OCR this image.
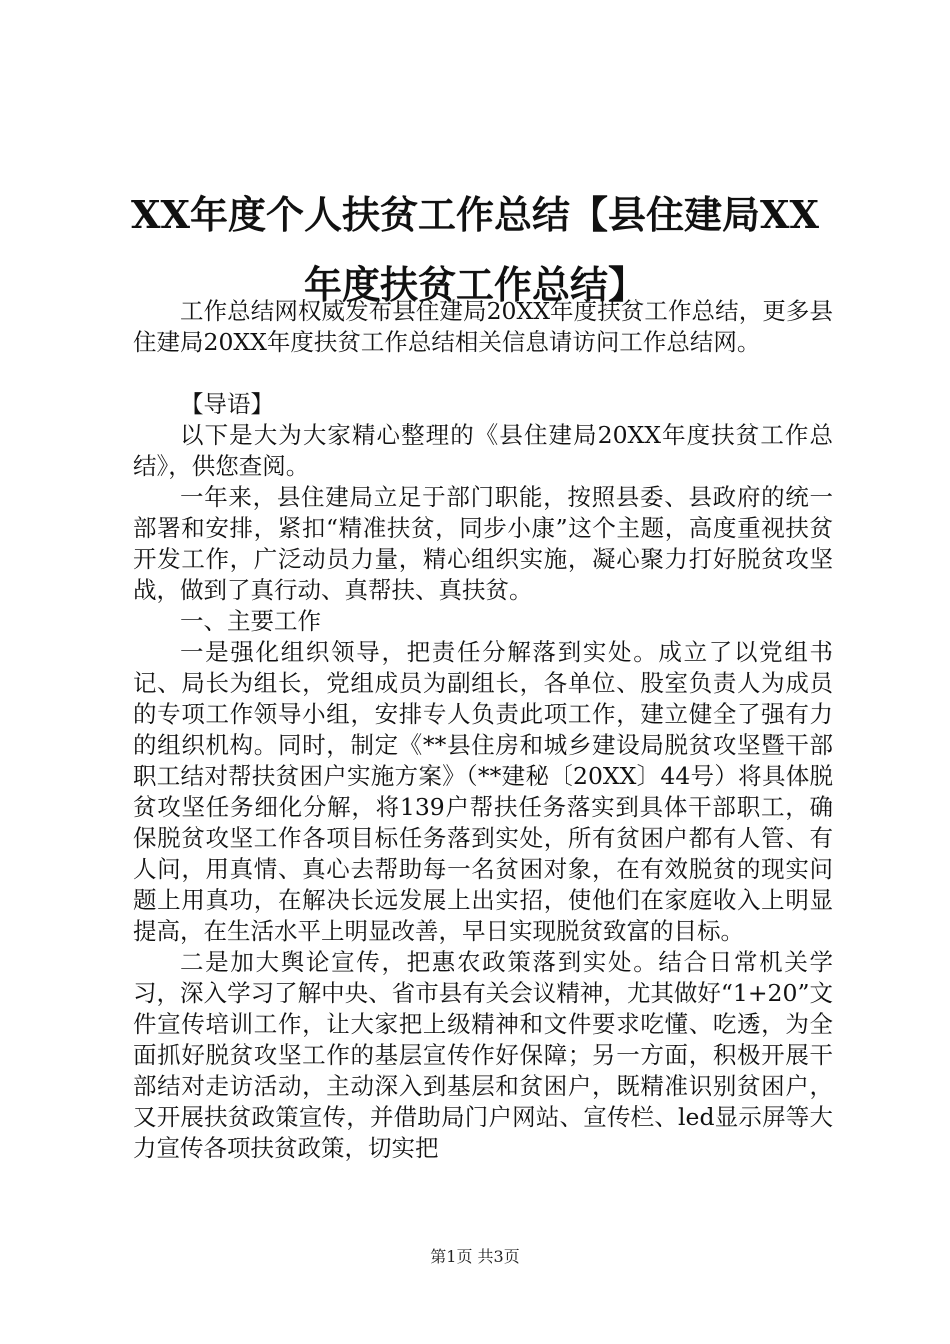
XX年度个人扶贫工作总结【县住建局XX年度扶贫工作总结】

工作总结网权威发布县住建局20XX年度扶贫工作总结，更多县住建局20XX年度扶贫工作总结相关信息请访问工作总结网。

【导语】

以下是大为大家精心整理的《县住建局20XX年度扶贫工作总结》，供您查阅。

一年来，县住建局立足于部门职能，按照县委、县政府的统一部署和安排，紧扣“精准扶贫，同步小康”这个主题，高度重视扶贫开发工作，广泛动员力量，精心组织实施，凝心聚力打好脱贫攻坚战，做到了真行动、真帮扶、真扶贫。

一、主要工作

一是强化组织领导，把责任分解落到实处。成立了以党组书记、局长为组长，党组成员为副组长，各单位、股室负责人为成员的专项工作领导小组，安排专人负责此项工作，建立健全了强有力的组织机构。同时，制定《**县住房和城乡建设局脱贫攻坚暨干部职工结对帮扶贫困户实施方案》（**建秘〔20XX〕44号）将具体脱贫攻坚任务细化分解，将139户帮扶任务落实到具体干部职工，确保脱贫攻坚工作各项目标任务落到实处，所有贫困户都有人管、有人问，用真情、真心去帮助每一名贫困对象，在有效脱贫的现实问题上用真功，在解决长远发展上出实招，使他们在家庭收入上明显提高，在生活水平上明显改善，早日实现脱贫致富的目标。

二是加大舆论宣传，把惠农政策落到实处。结合日常机关学习，深入学习了解中央、省市县有关会议精神，尤其做好“1+20”文件宣传培训工作，让大家把上级精神和文件要求吃懂、吃透，为全面抓好脱贫攻坚工作的基层宣传作好保障；另一方面，积极开展干部结对走访活动，主动深入到基层和贫困户，既精准识别贫困户，又开展扶贫政策宣传，并借助局门户网站、宣传栏、led显示屏等大力宣传各项扶贫政策，切实把

第1页 共3页
